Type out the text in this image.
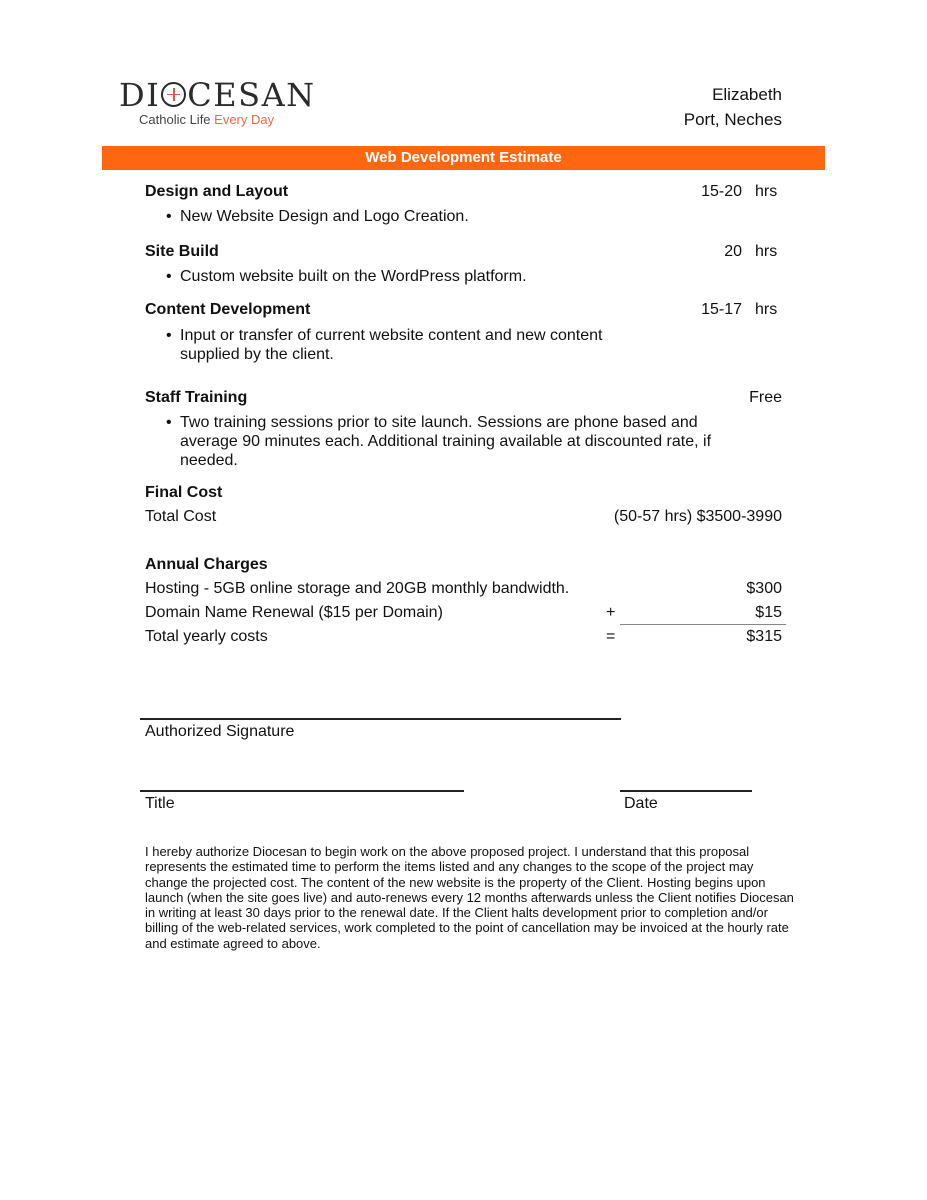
DI CESAN
Catholic Life Every Day
Elizabeth
Port, Neches
Web Development Estimate
Design and Layout	15-20 hrs
• New Website Design and Logo Creation.
Site Build	20 hrs
• Custom website built on the WordPress platform.
Content Development	15-17 hrs
• Input or transfer of current website content and new content supplied by the client.
Staff Training	Free
• Two training sessions prior to site launch. Sessions are phone based and average 90 minutes each. Additional training available at discounted rate, if needed.
Final Cost
Total Cost	(50-57 hrs) $3500-3990
Annual Charges
Hosting - 5GB online storage and 20GB monthly bandwidth.	$300
Domain Name Renewal ($15 per Domain)	+	$15
Total yearly costs	=	$315
Authorized Signature
Title	Date
I hereby authorize Diocesan to begin work on the above proposed project. I understand that this proposal represents the estimated time to perform the items listed and any changes to the scope of the project may change the projected cost. The content of the new website is the property of the Client. Hosting begins upon launch (when the site goes live) and auto-renews every 12 months afterwards unless the Client notifies Diocesan in writing at least 30 days prior to the renewal date. If the Client halts development prior to completion and/or billing of the web-related services, work completed to the point of cancellation may be invoiced at the hourly rate and estimate agreed to above.
